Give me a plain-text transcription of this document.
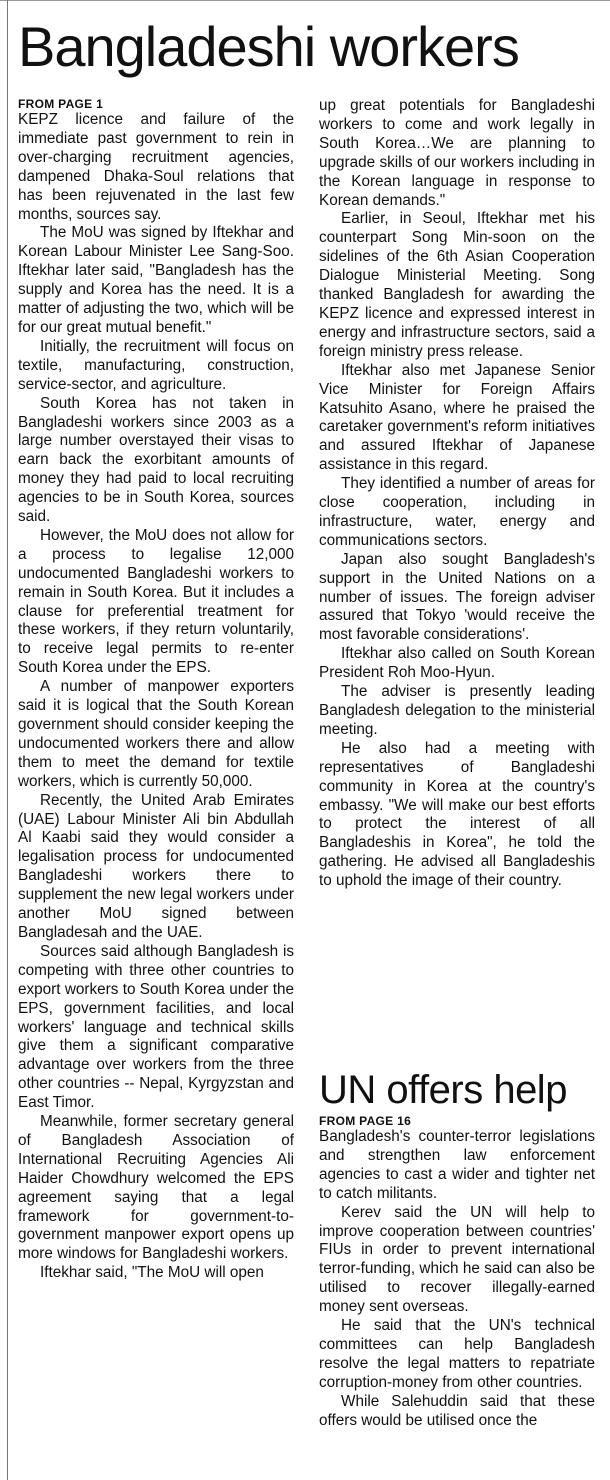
Bangladeshi workers
FROM PAGE 1

KEPZ licence and failure of the immediate past government to rein in over-charging recruitment agencies, dampened Dhaka-Soul relations that has been rejuvenated in the last few months, sources say.

The MoU was signed by Iftekhar and Korean Labour Minister Lee Sang-Soo. Iftekhar later said, "Bangladesh has the supply and Korea has the need. It is a matter of adjusting the two, which will be for our great mutual benefit."

Initially, the recruitment will focus on textile, manufacturing, construction, service-sector, and agriculture.

South Korea has not taken in Bangladeshi workers since 2003 as a large number overstayed their visas to earn back the exorbitant amounts of money they had paid to local recruiting agencies to be in South Korea, sources said.

However, the MoU does not allow for a process to legalise 12,000 undocumented Bangladeshi workers to remain in South Korea. But it includes a clause for preferential treatment for these workers, if they return voluntarily, to receive legal permits to re-enter South Korea under the EPS.

A number of manpower exporters said it is logical that the South Korean government should consider keeping the undocumented workers there and allow them to meet the demand for textile workers, which is currently 50,000.

Recently, the United Arab Emirates (UAE) Labour Minister Ali bin Abdullah Al Kaabi said they would consider a legalisation process for undocumented Bangladeshi workers there to supplement the new legal workers under another MoU signed between Bangladesah and the UAE.

Sources said although Bangladesh is competing with three other countries to export workers to South Korea under the EPS, government facilities, and local workers' language and technical skills give them a significant comparative advantage over workers from the three other countries -- Nepal, Kyrgyzstan and East Timor.

Meanwhile, former secretary general of Bangladesh Association of International Recruiting Agencies Ali Haider Chowdhury welcomed the EPS agreement saying that a legal framework for government-to-government manpower export opens up more windows for Bangladeshi workers.

Iftekhar said, "The MoU will open

up great potentials for Bangladeshi workers to come and work legally in South Korea…We are planning to upgrade skills of our workers including in the Korean language in response to Korean demands."

Earlier, in Seoul, Iftekhar met his counterpart Song Min-soon on the sidelines of the 6th Asian Cooperation Dialogue Ministerial Meeting. Song thanked Bangladesh for awarding the KEPZ licence and expressed interest in energy and infrastructure sectors, said a foreign ministry press release.

Iftekhar also met Japanese Senior Vice Minister for Foreign Affairs Katsuhito Asano, where he praised the caretaker government's reform initiatives and assured Iftekhar of Japanese assistance in this regard.

They identified a number of areas for close cooperation, including in infrastructure, water, energy and communications sectors.

Japan also sought Bangladesh's support in the United Nations on a number of issues. The foreign adviser assured that Tokyo 'would receive the most favorable considerations'.

Iftekhar also called on South Korean President Roh Moo-Hyun.

The adviser is presently leading Bangladesh delegation to the ministerial meeting.

He also had a meeting with representatives of Bangladeshi community in Korea at the country's embassy. "We will make our best efforts to protect the interest of all Bangladeshis in Korea", he told the gathering. He advised all Bangladeshis to uphold the image of their country.

UN offers help
FROM PAGE 16

Bangladesh's counter-terror legislations and strengthen law enforcement agencies to cast a wider and tighter net to catch militants.

Kerev said the UN will help to improve cooperation between countries' FIUs in order to prevent international terror-funding, which he said can also be utilised to recover illegally-earned money sent overseas.

He said that the UN's technical committees can help Bangladesh resolve the legal matters to repatriate corruption-money from other countries.

While Salehuddin said that these offers would be utilised once the
